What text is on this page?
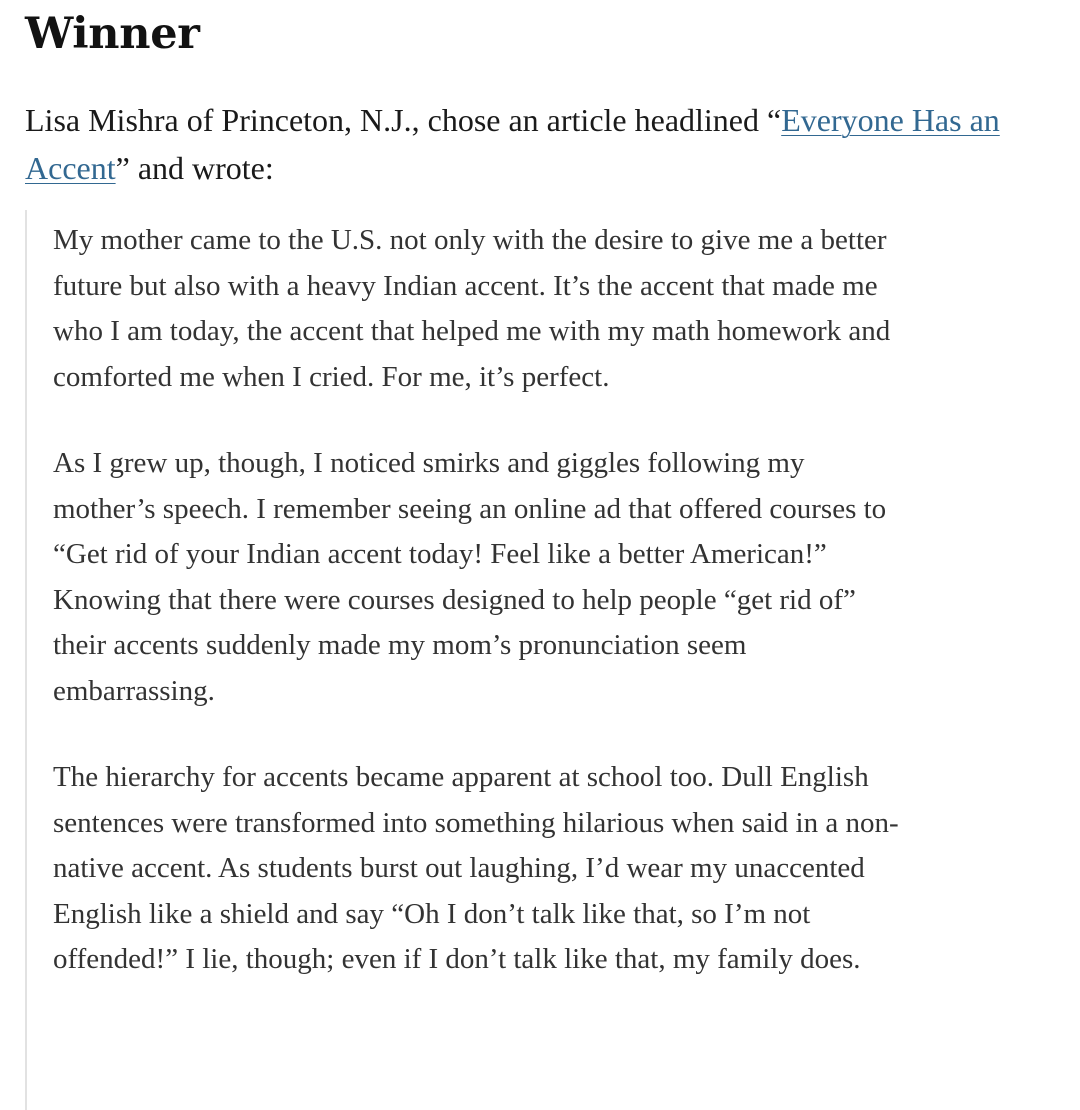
Winner

Lisa Mishra of Princeton, N.J., chose an article headlined “Everyone Has an Accent” and wrote:

My mother came to the U.S. not only with the desire to give me a better future but also with a heavy Indian accent. It’s the accent that made me who I am today, the accent that helped me with my math homework and comforted me when I cried. For me, it’s perfect.

As I grew up, though, I noticed smirks and giggles following my mother’s speech. I remember seeing an online ad that offered courses to “Get rid of your Indian accent today! Feel like a better American!” Knowing that there were courses designed to help people “get rid of” their accents suddenly made my mom’s pronunciation seem embarrassing.

The hierarchy for accents became apparent at school too. Dull English sentences were transformed into something hilarious when said in a non-native accent. As students burst out laughing, I’d wear my unaccented English like a shield and say “Oh I don’t talk like that, so I’m not offended!” I lie, though; even if I don’t talk like that, my family does.
